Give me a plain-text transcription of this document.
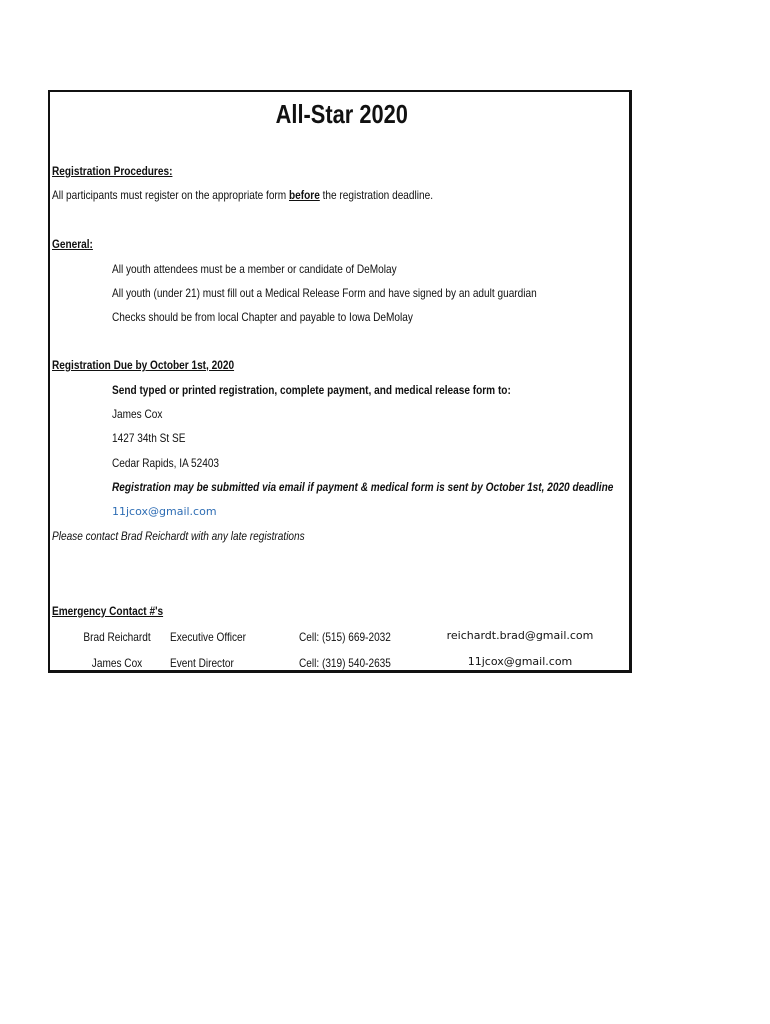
All-Star 2020
Registration Procedures:
All participants must register on the appropriate form before the registration deadline.
General:
All youth attendees must be a member or candidate of DeMolay
All youth (under 21) must fill out a Medical Release Form and have signed by an adult guardian
Checks should be from local Chapter and payable to Iowa DeMolay
Registration Due by October 1st, 2020
Send typed or printed registration, complete payment, and medical release form to:
James Cox
1427 34th St SE
Cedar Rapids, IA 52403
Registration may be submitted via email if payment & medical form is sent by October 1st, 2020 deadline
11jcox@gmail.com
Please contact Brad Reichardt with any late registrations
Emergency Contact #'s
Brad Reichardt	Executive Officer	Cell: (515) 669-2032	reichardt.brad@gmail.com
James Cox	Event Director	Cell: (319) 540-2635	11jcox@gmail.com
